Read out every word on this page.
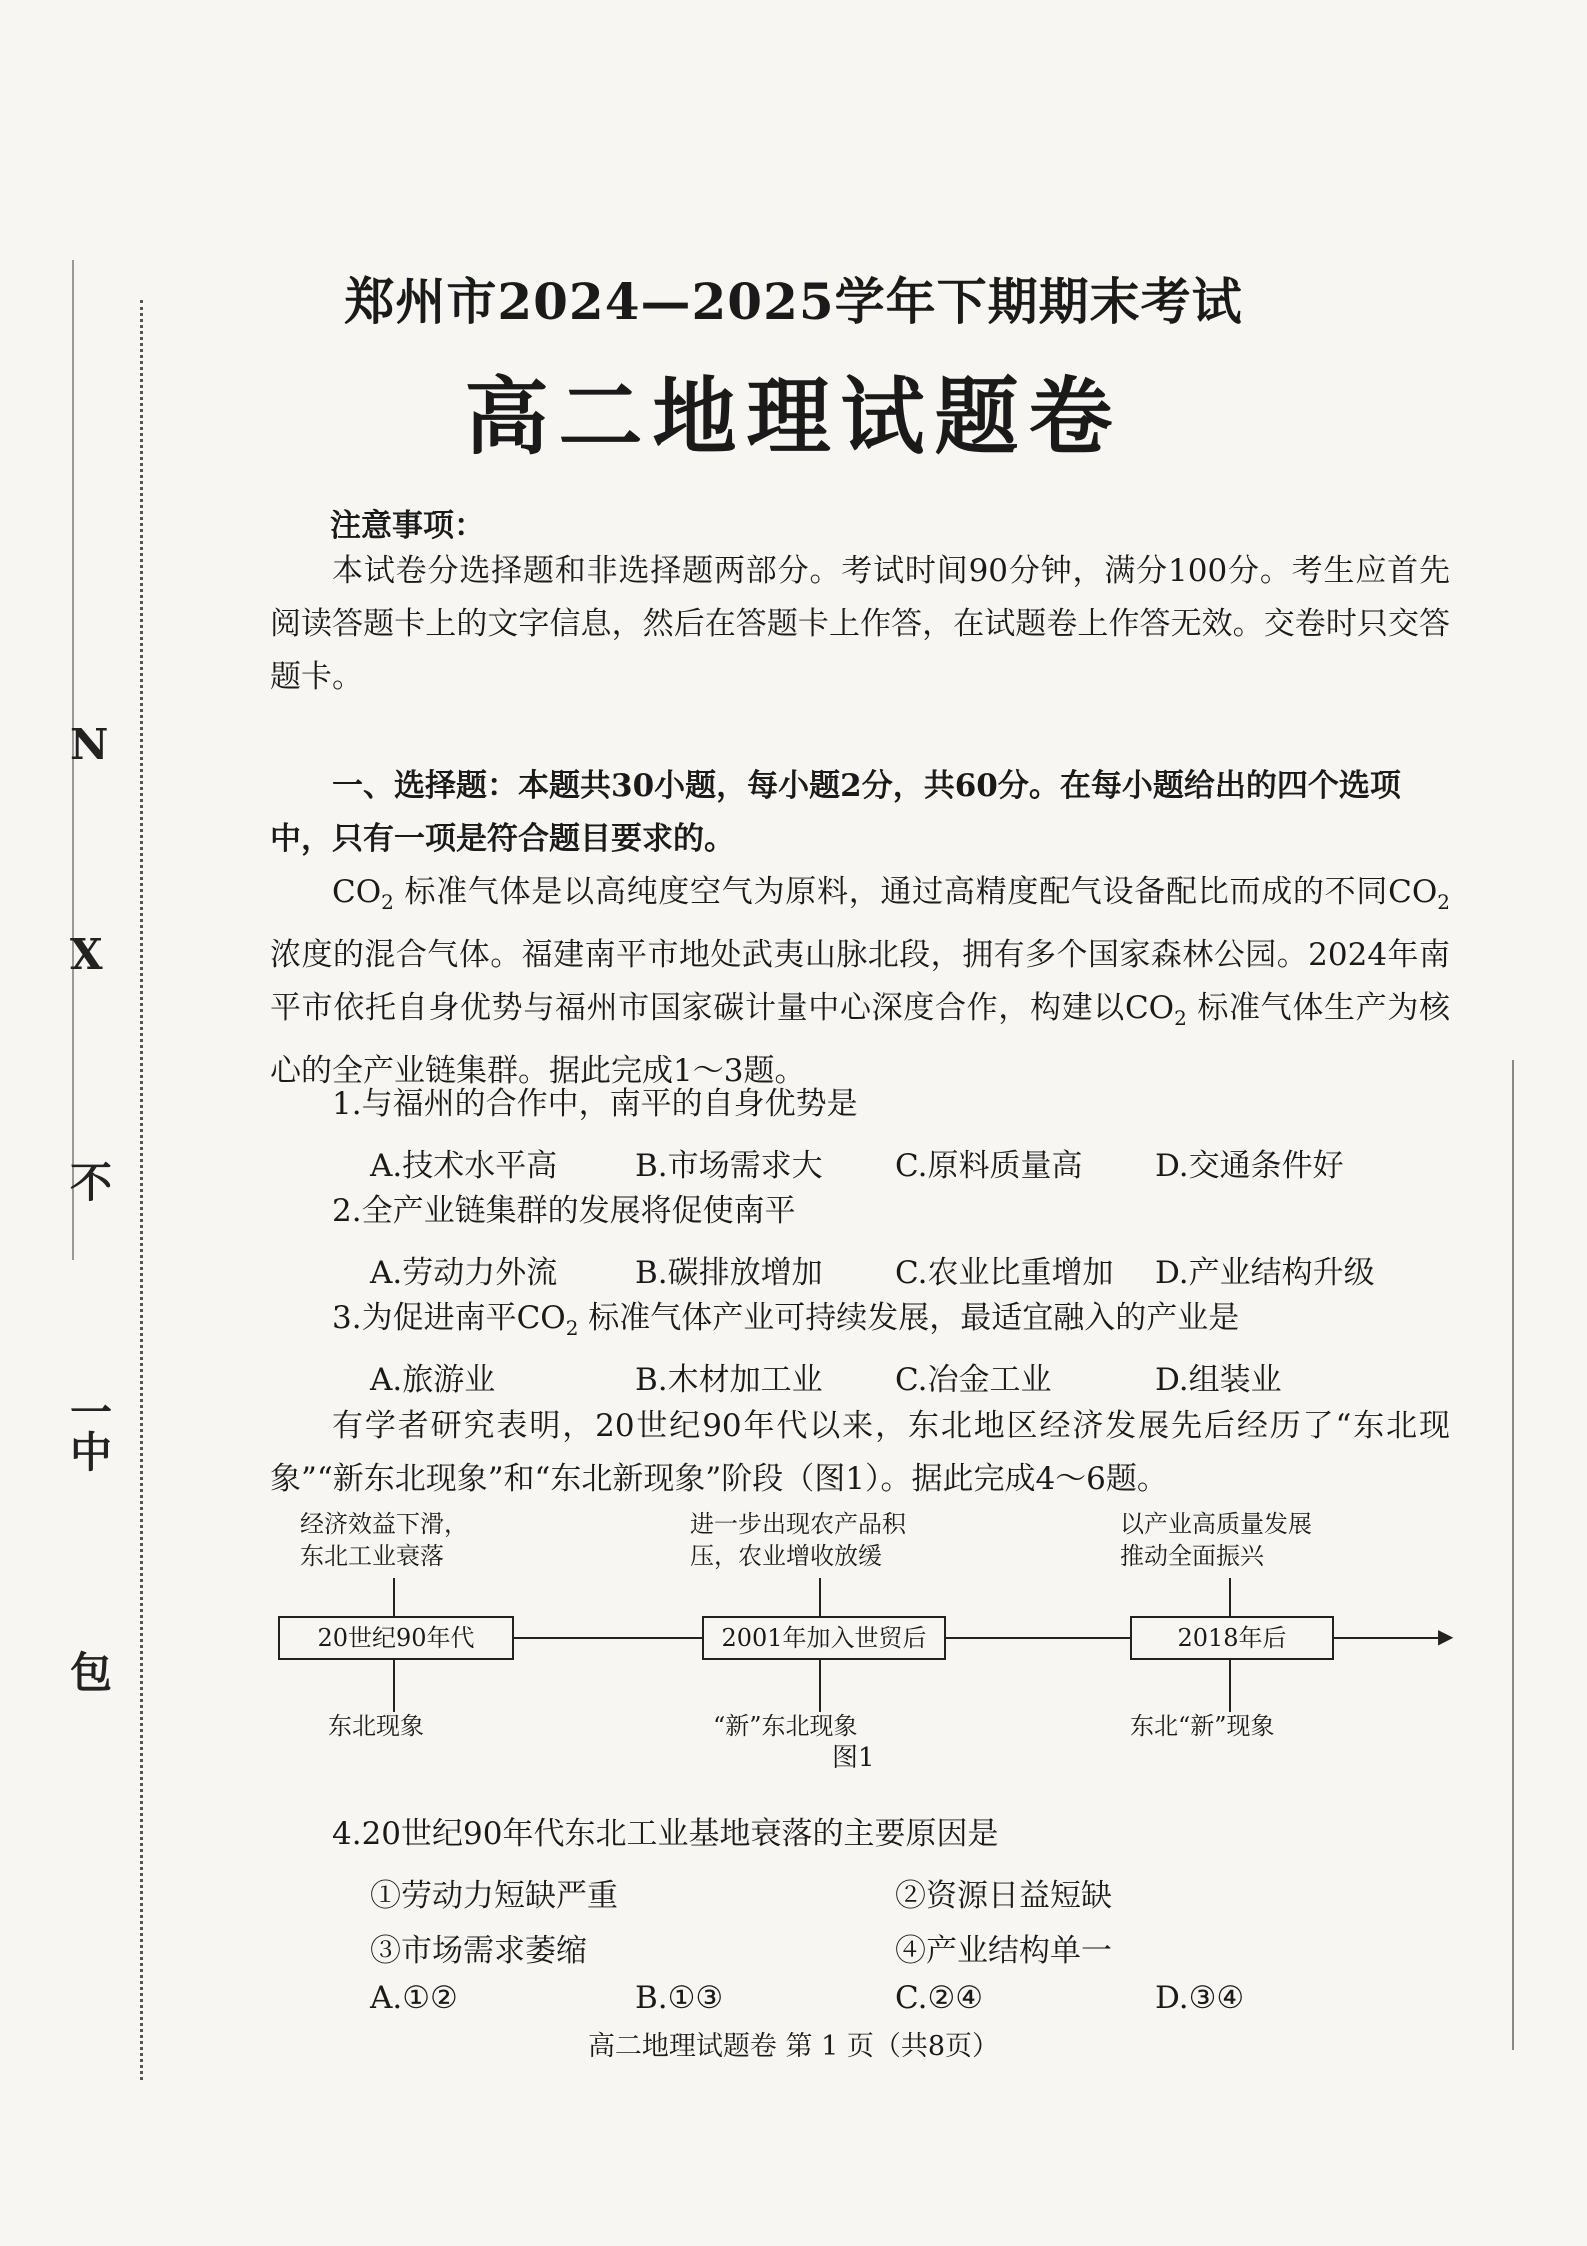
N
X
不
一
中
包
郑州市2024—2025学年下期期末考试
高二地理试题卷
注意事项：
本试卷分选择题和非选择题两部分。考试时间90分钟，满分100分。考生应首先阅读答题卡上的文字信息，然后在答题卡上作答，在试题卷上作答无效。交卷时只交答题卡。
一、选择题：本题共30小题，每小题2分，共60分。在每小题给出的四个选项中，只有一项是符合题目要求的。
$CO_2$ 标准气体是以高纯度空气为原料，通过高精度配气设备配比而成的不同$CO_2$ 浓度的混合气体。福建南平市地处武夷山脉北段，拥有多个国家森林公园。2024年南平市依托自身优势与福州市国家碳计量中心深度合作，构建以$CO_2$ 标准气体生产为核心的全产业链集群。据此完成1～3题。
1.与福州的合作中，南平的自身优势是
A.技术水平高	B.市场需求大 C.原料质量高 D.交通条件好
2.全产业链集群的发展将促使南平
A.劳动力外流	B.碳排放增加 C.农业比重增加 D.产业结构升级
3.为促进南平$CO_2$ 标准气体产业可持续发展，最适宜融入的产业是
A.旅游业	B.木材加工业 C.冶金工业	D.组装业
有学者研究表明，20世纪90年代以来，东北地区经济发展先后经历了“东北现象”“新东北现象”和“东北新现象”阶段（图1）。据此完成4～6题。
▶
经济效益下滑，
东北工业衰落
20世纪90年代
东北现象
进一步出现农产品积
压，农业增收放缓
2001年加入世贸后
“新”东北现象
以产业高质量发展
推动全面振兴
2018年后
东北“新”现象
图1
4.20世纪90年代东北工业基地衰落的主要原因是
①劳动力短缺严重	②资源日益短缺
③市场需求萎缩	④产业结构单一
A.①②	B.①③	C.②④	D.③④
高二地理试题卷 第 1 页（共8页）
